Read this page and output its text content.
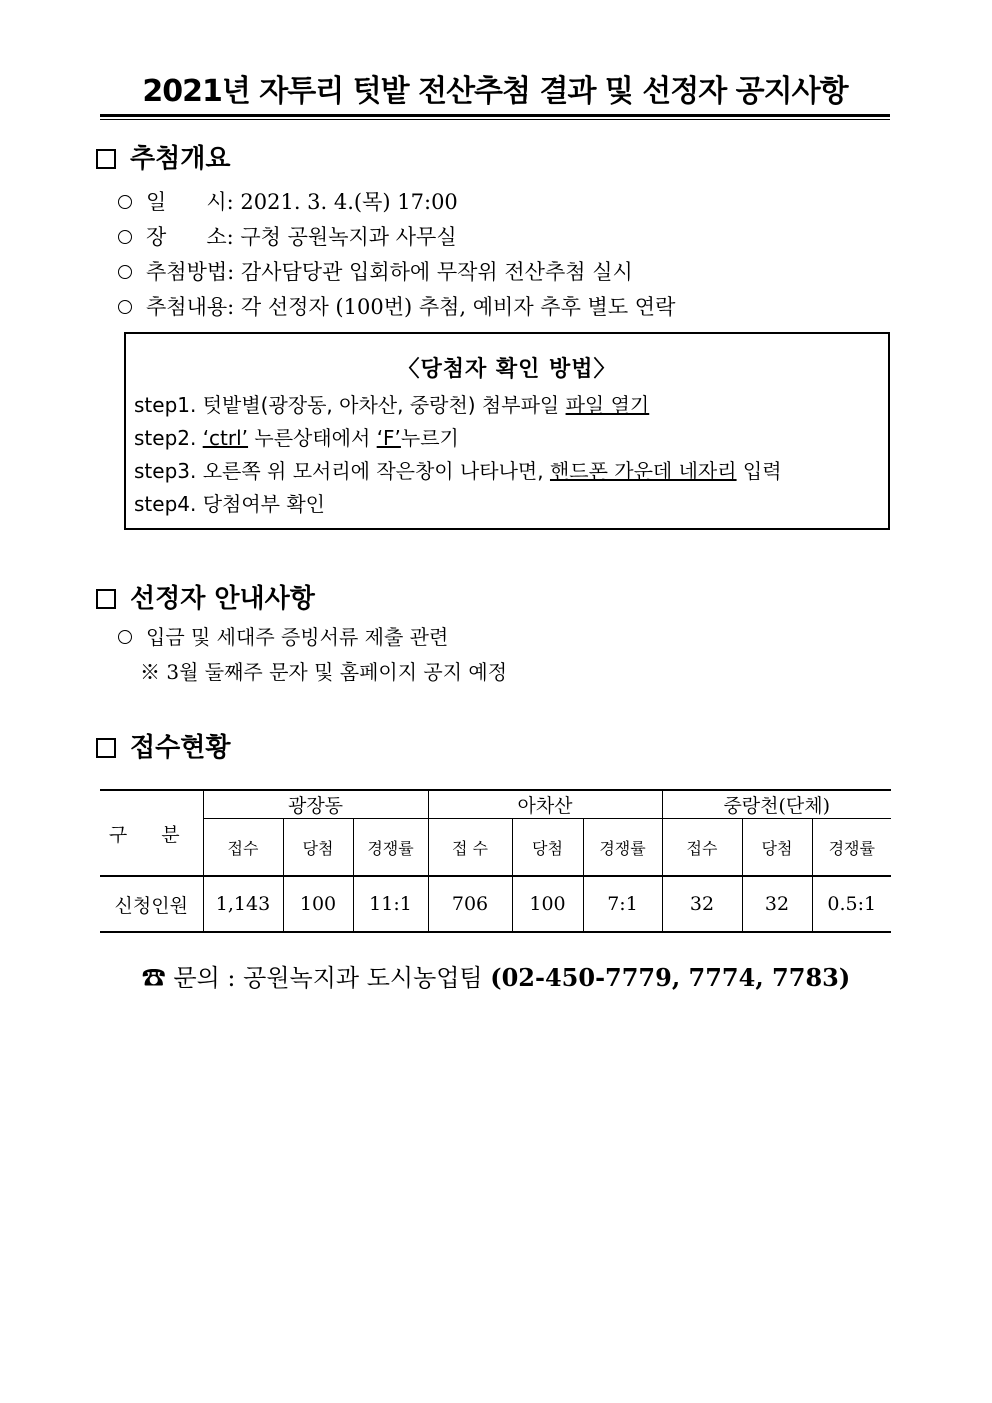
2021년 자투리 텃밭 전산추첨 결과 및 선정자 공지사항
추첨개요
일      시: 2021. 3. 4.(목) 17:00
장      소: 구청 공원녹지과 사무실
추첨방법: 감사담당관 입회하에 무작위 전산추첨 실시
추첨내용: 각 선정자 (100번) 추첨, 예비자 추후 별도 연락
〈당첨자 확인 방법〉
step1. 텃밭별(광장동, 아차산, 중랑천) 첨부파일 파일 열기
step2. ‘ctrl’ 누른상태에서 ‘F’누르기
step3. 오른쪽 위 모서리에 작은창이 나타나면, 핸드폰 가운데 네자리 입력
step4. 당첨여부 확인
선정자 안내사항
입금 및 세대주 증빙서류 제출 관련
※ 3월 둘째주 문자 및 홈페이지 공지 예정
접수현황
구 분	광장동			아차산			중랑천(단체)		
	접수	당첨	경쟁률	접 수	당첨	경쟁률	접수	당첨	경쟁률
신청인원	1,143	100	11:1	706	100	7:1	32	32	0.5:1
☎ 문의 : 공원녹지과 도시농업팀 (02-450-7779, 7774, 7783)
